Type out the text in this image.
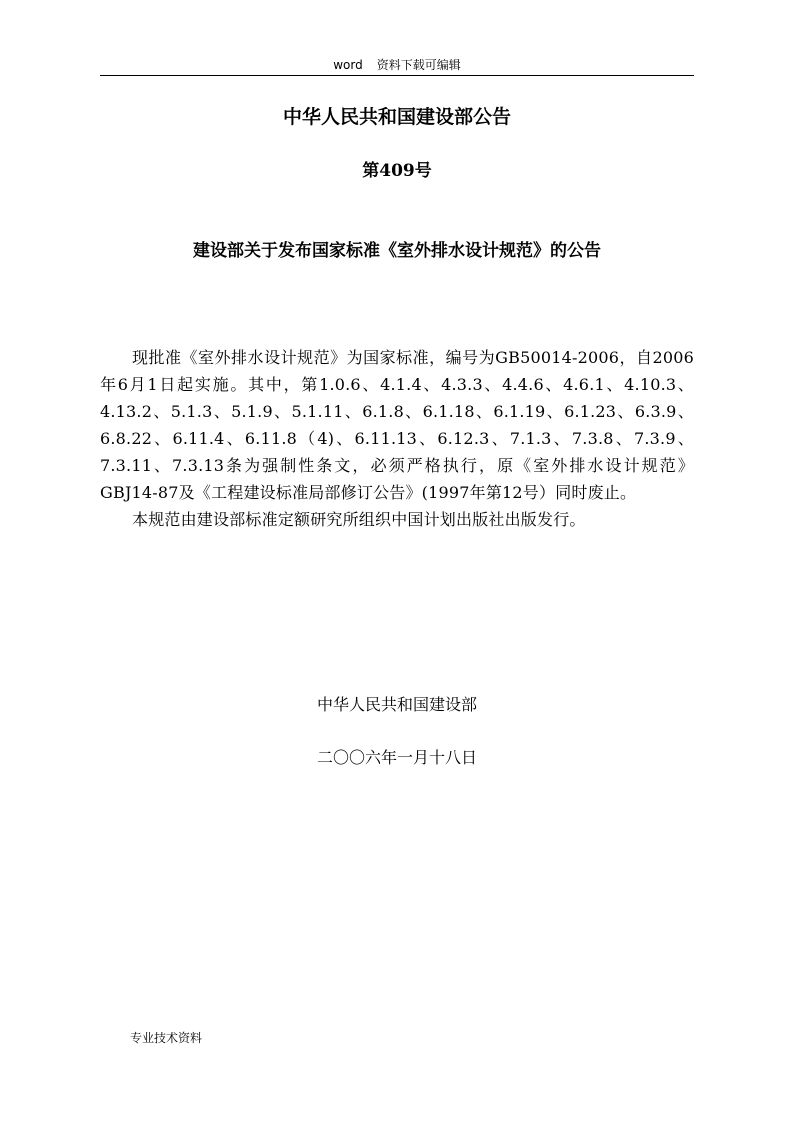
word 资料下载可编辑
中华人民共和国建设部公告
第409号
建设部关于发布国家标准《室外排水设计规范》的公告

现批准《室外排水设计规范》为国家标准，编号为GB50014-2006，自2006年6月1日起实施。其中，第1.0.6、4.1.4、4.3.3、4.4.6、4.6.1、4.10.3、4.13.2、5.1.3、5.1.9、5.1.11、6.1.8、6.1.18、6.1.19、6.1.23、6.3.9、6.8.22、6.11.4、6.11.8（4)、6.11.13、6.12.3、7.1.3、7.3.8、7.3.9、7.3.11、7.3.13条为强制性条文，必须严格执行，原《室外排水设计规范》GBJ14-87及《工程建设标准局部修订公告》(1997年第12号）同时废止。

本规范由建设部标准定额研究所组织中国计划出版社出版发行。

中华人民共和国建设部
二〇〇六年一月十八日
专业技术资料
